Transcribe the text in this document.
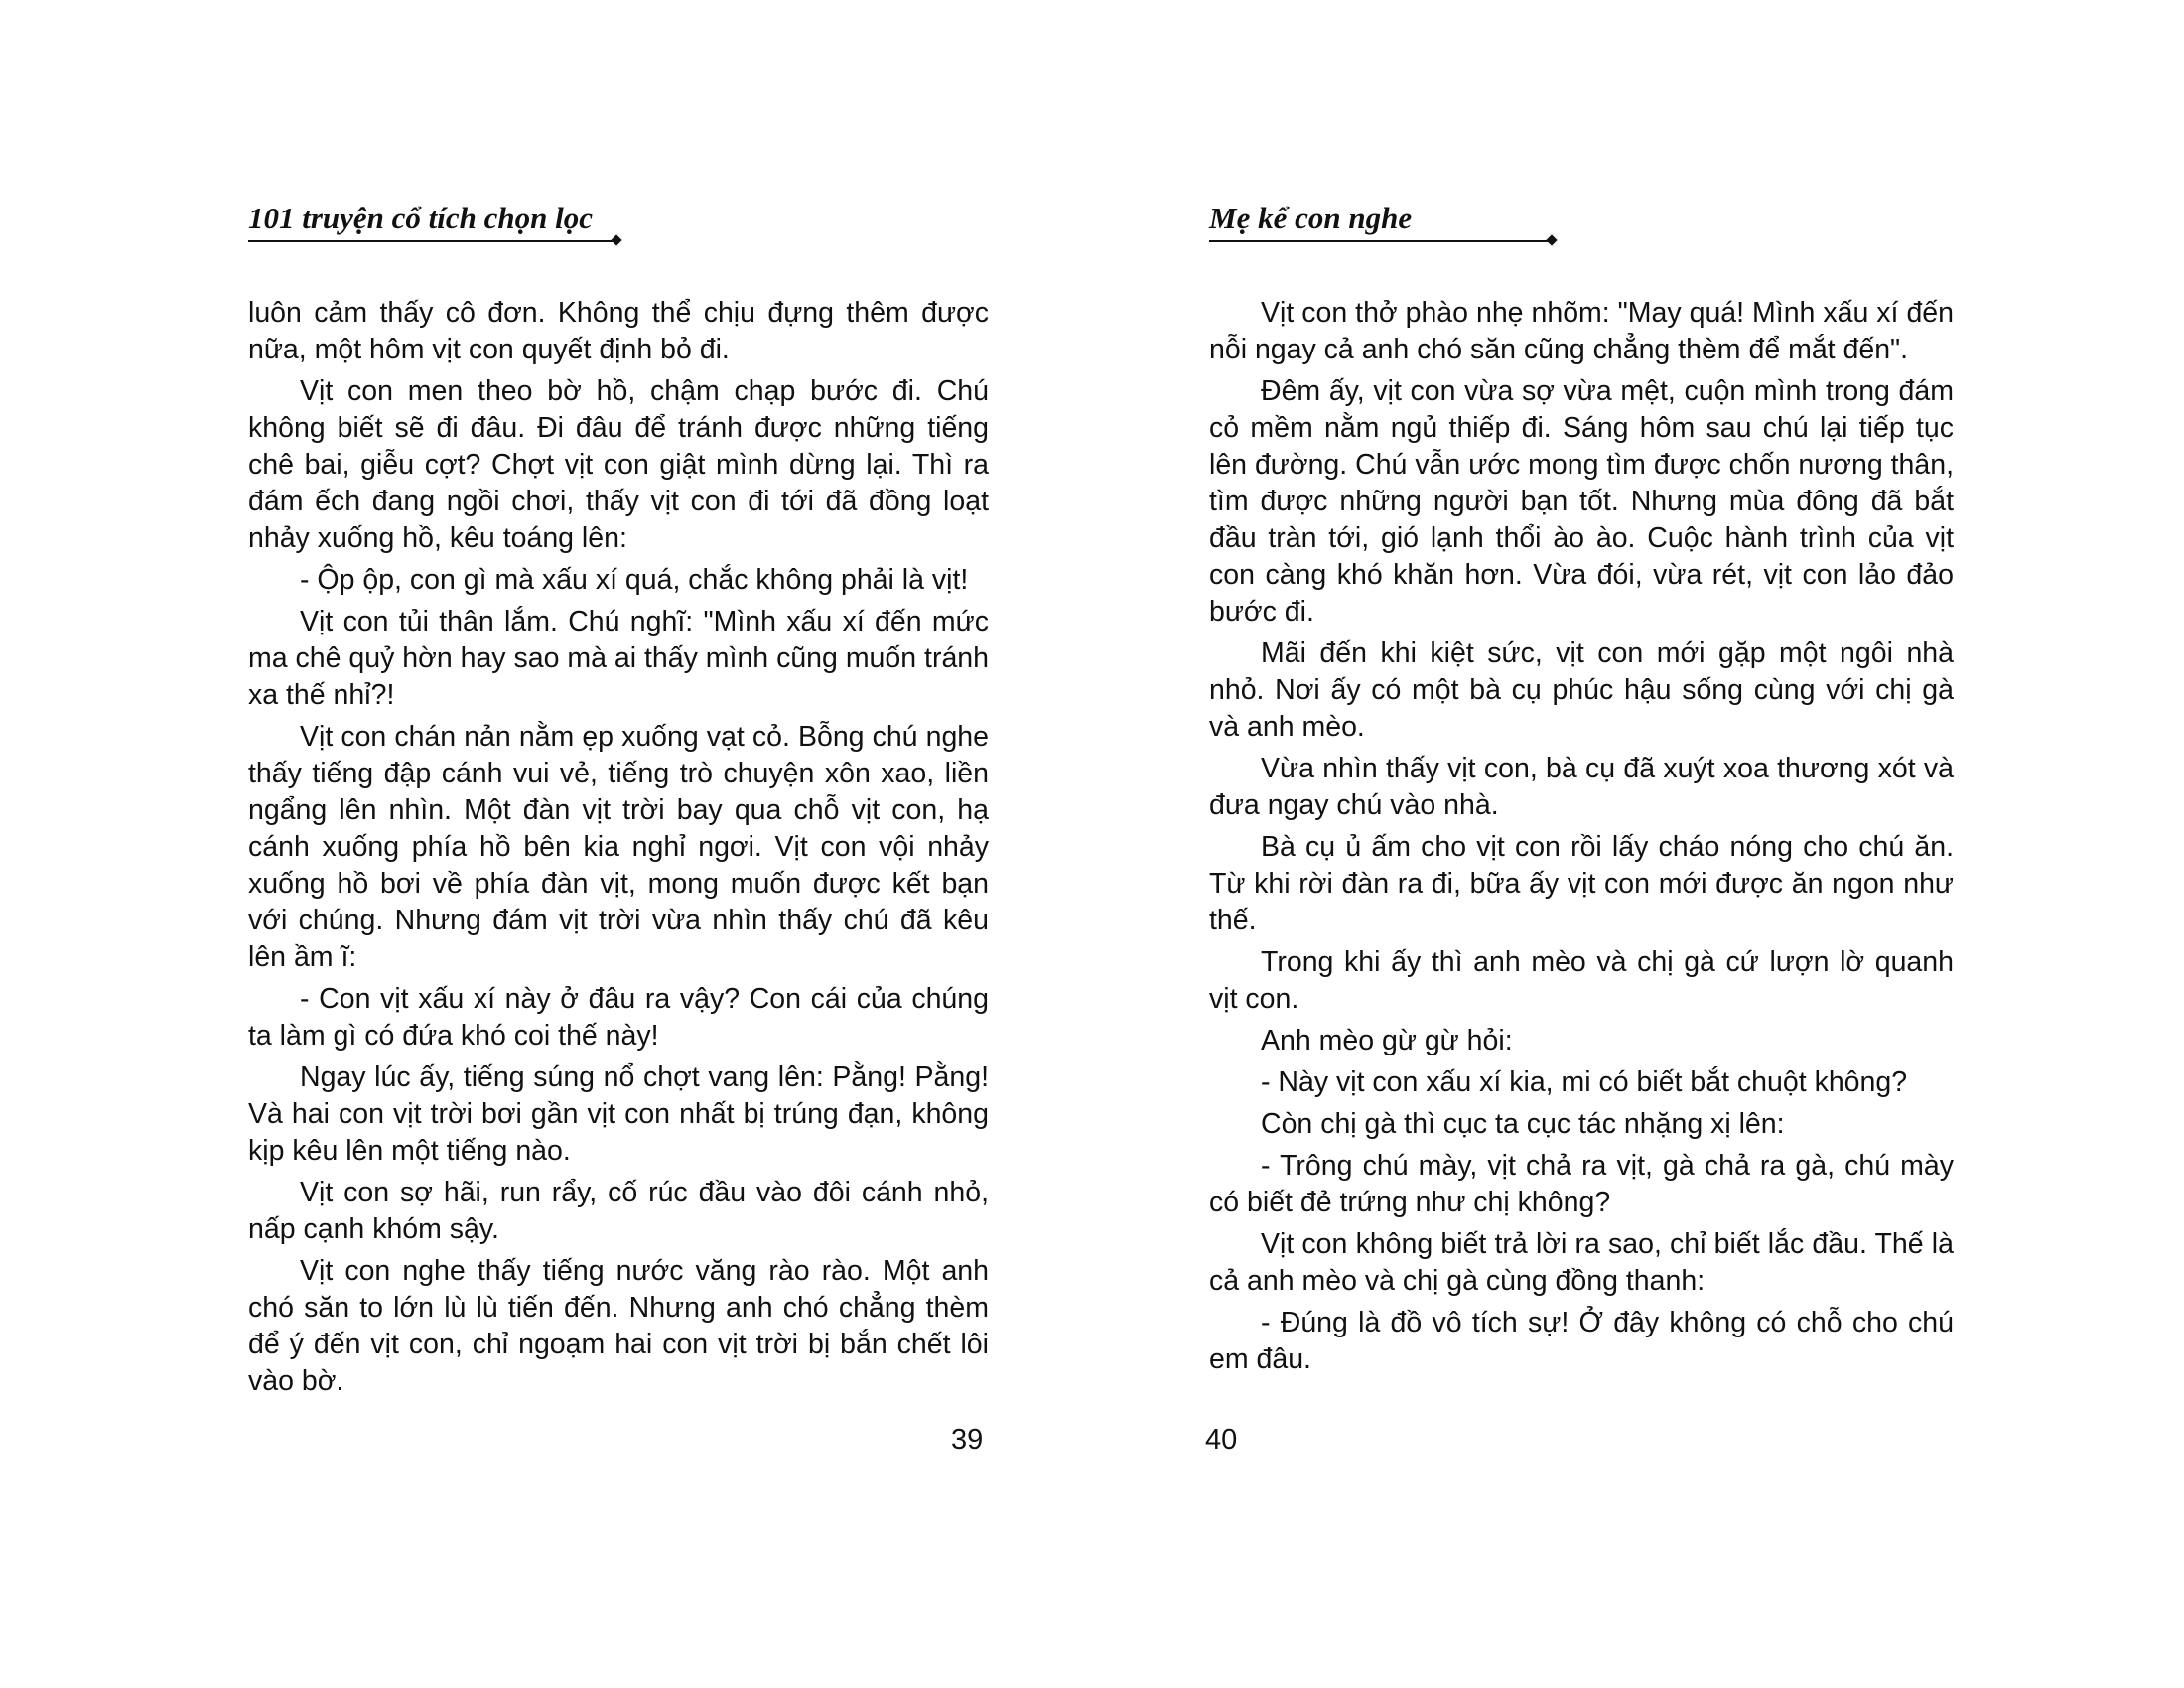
101 truyện cổ tích chọn lọc

luôn cảm thấy cô đơn. Không thể chịu đựng thêm được nữa, một hôm vịt con quyết định bỏ đi.

Vịt con men theo bờ hồ, chậm chạp bước đi. Chú không biết sẽ đi đâu. Đi đâu để tránh được những tiếng chê bai, giễu cợt? Chợt vịt con giật mình dừng lại. Thì ra đám ếch đang ngồi chơi, thấy vịt con đi tới đã đồng loạt nhảy xuống hồ, kêu toáng lên:

- Ộp ộp, con gì mà xấu xí quá, chắc không phải là vịt!

Vịt con tủi thân lắm. Chú nghĩ: "Mình xấu xí đến mức ma chê quỷ hờn hay sao mà ai thấy mình cũng muốn tránh xa thế nhỉ?!

Vịt con chán nản nằm ẹp xuống vạt cỏ. Bỗng chú nghe thấy tiếng đập cánh vui vẻ, tiếng trò chuyện xôn xao, liền ngẩng lên nhìn. Một đàn vịt trời bay qua chỗ vịt con, hạ cánh xuống phía hồ bên kia nghỉ ngơi. Vịt con vội nhảy xuống hồ bơi về phía đàn vịt, mong muốn được kết bạn với chúng. Nhưng đám vịt trời vừa nhìn thấy chú đã kêu lên ầm ĩ:

- Con vịt xấu xí này ở đâu ra vậy? Con cái của chúng ta làm gì có đứa khó coi thế này!

Ngay lúc ấy, tiếng súng nổ chợt vang lên: Pằng! Pằng! Và hai con vịt trời bơi gần vịt con nhất bị trúng đạn, không kịp kêu lên một tiếng nào.

Vịt con sợ hãi, run rẩy, cố rúc đầu vào đôi cánh nhỏ, nấp cạnh khóm sậy.

Vịt con nghe thấy tiếng nước văng rào rào. Một anh chó săn to lớn lù lù tiến đến. Nhưng anh chó chẳng thèm để ý đến vịt con, chỉ ngoạm hai con vịt trời bị bắn chết lôi vào bờ.

39
Mẹ kể con nghe

Vịt con thở phào nhẹ nhõm: "May quá! Mình xấu xí đến nỗi ngay cả anh chó săn cũng chẳng thèm để mắt đến".

Đêm ấy, vịt con vừa sợ vừa mệt, cuộn mình trong đám cỏ mềm nằm ngủ thiếp đi. Sáng hôm sau chú lại tiếp tục lên đường. Chú vẫn ước mong tìm được chốn nương thân, tìm được những người bạn tốt. Nhưng mùa đông đã bắt đầu tràn tới, gió lạnh thổi ào ào. Cuộc hành trình của vịt con càng khó khăn hơn. Vừa đói, vừa rét, vịt con lảo đảo bước đi.

Mãi đến khi kiệt sức, vịt con mới gặp một ngôi nhà nhỏ. Nơi ấy có một bà cụ phúc hậu sống cùng với chị gà và anh mèo.

Vừa nhìn thấy vịt con, bà cụ đã xuýt xoa thương xót và đưa ngay chú vào nhà.

Bà cụ ủ ấm cho vịt con rồi lấy cháo nóng cho chú ăn. Từ khi rời đàn ra đi, bữa ấy vịt con mới được ăn ngon như thế.

Trong khi ấy thì anh mèo và chị gà cứ lượn lờ quanh vịt con.

Anh mèo gừ gừ hỏi:

- Này vịt con xấu xí kia, mi có biết bắt chuột không?

Còn chị gà thì cục ta cục tác nhặng xị lên:

- Trông chú mày, vịt chả ra vịt, gà chả ra gà, chú mày có biết đẻ trứng như chị không?

Vịt con không biết trả lời ra sao, chỉ biết lắc đầu. Thế là cả anh mèo và chị gà cùng đồng thanh:

- Đúng là đồ vô tích sự! Ở đây không có chỗ cho chú em đâu.

40
